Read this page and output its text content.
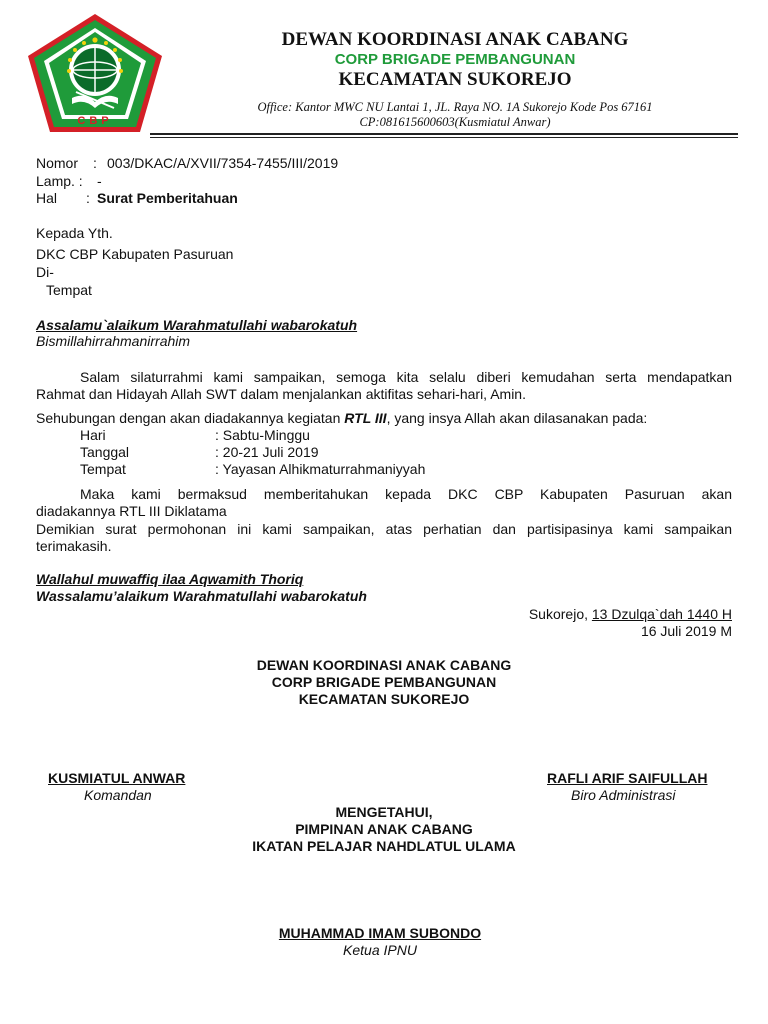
CBP
DEWAN KOORDINASI ANAK CABANG
CORP BRIGADE PEMBANGUNAN
KECAMATAN SUKOREJO
Office: Kantor MWC NU Lantai 1, JL. Raya NO. 1A Sukorejo Kode Pos 67161
CP:081615600603(Kusmiatul Anwar)
Nomor : 003/DKAC/A/XVII/7354-7455/III/2019
Lamp. : -
Hal : Surat Pemberitahuan
Kepada Yth.
DKC CBP Kabupaten Pasuruan
Di-
Tempat
Assalamu`alaikum Warahmatullahi wabarokatuh
Bismillahirrahmanirrahim
Salam silaturrahmi kami sampaikan, semoga kita selalu diberi kemudahan serta mendapatkan
Rahmat dan Hidayah Allah SWT dalam menjalankan aktifitas sehari-hari, Amin.
Sehubungan dengan akan diadakannya kegiatan RTL III, yang insya Allah akan dilasanakan pada:
Hari	: Sabtu-Minggu
Tanggal	: 20-21 Juli 2019
Tempat	: Yayasan Alhikmaturrahmaniyyah
Maka kami bermaksud memberitahukan kepada DKC CBP Kabupaten Pasuruan akan
diadakannya RTL III Diklatama
Demikian surat permohonan ini kami sampaikan, atas perhatian dan partisipasinya kami sampaikan
terimakasih.
Wallahul muwaffiq ilaa Aqwamith Thoriq
Wassalamu’alaikum Warahmatullahi wabarokatuh
Sukorejo, 13 Dzulqa`dah 1440 H
16 Juli 2019 M
DEWAN KOORDINASI ANAK CABANG
CORP BRIGADE PEMBANGUNAN
KECAMATAN SUKOREJO
KUSMIATUL ANWAR
Komandan
RAFLI ARIF SAIFULLAH
Biro Administrasi
MENGETAHUI,
PIMPINAN ANAK CABANG
IKATAN PELAJAR NAHDLATUL ULAMA
MUHAMMAD IMAM SUBONDO
Ketua IPNU
